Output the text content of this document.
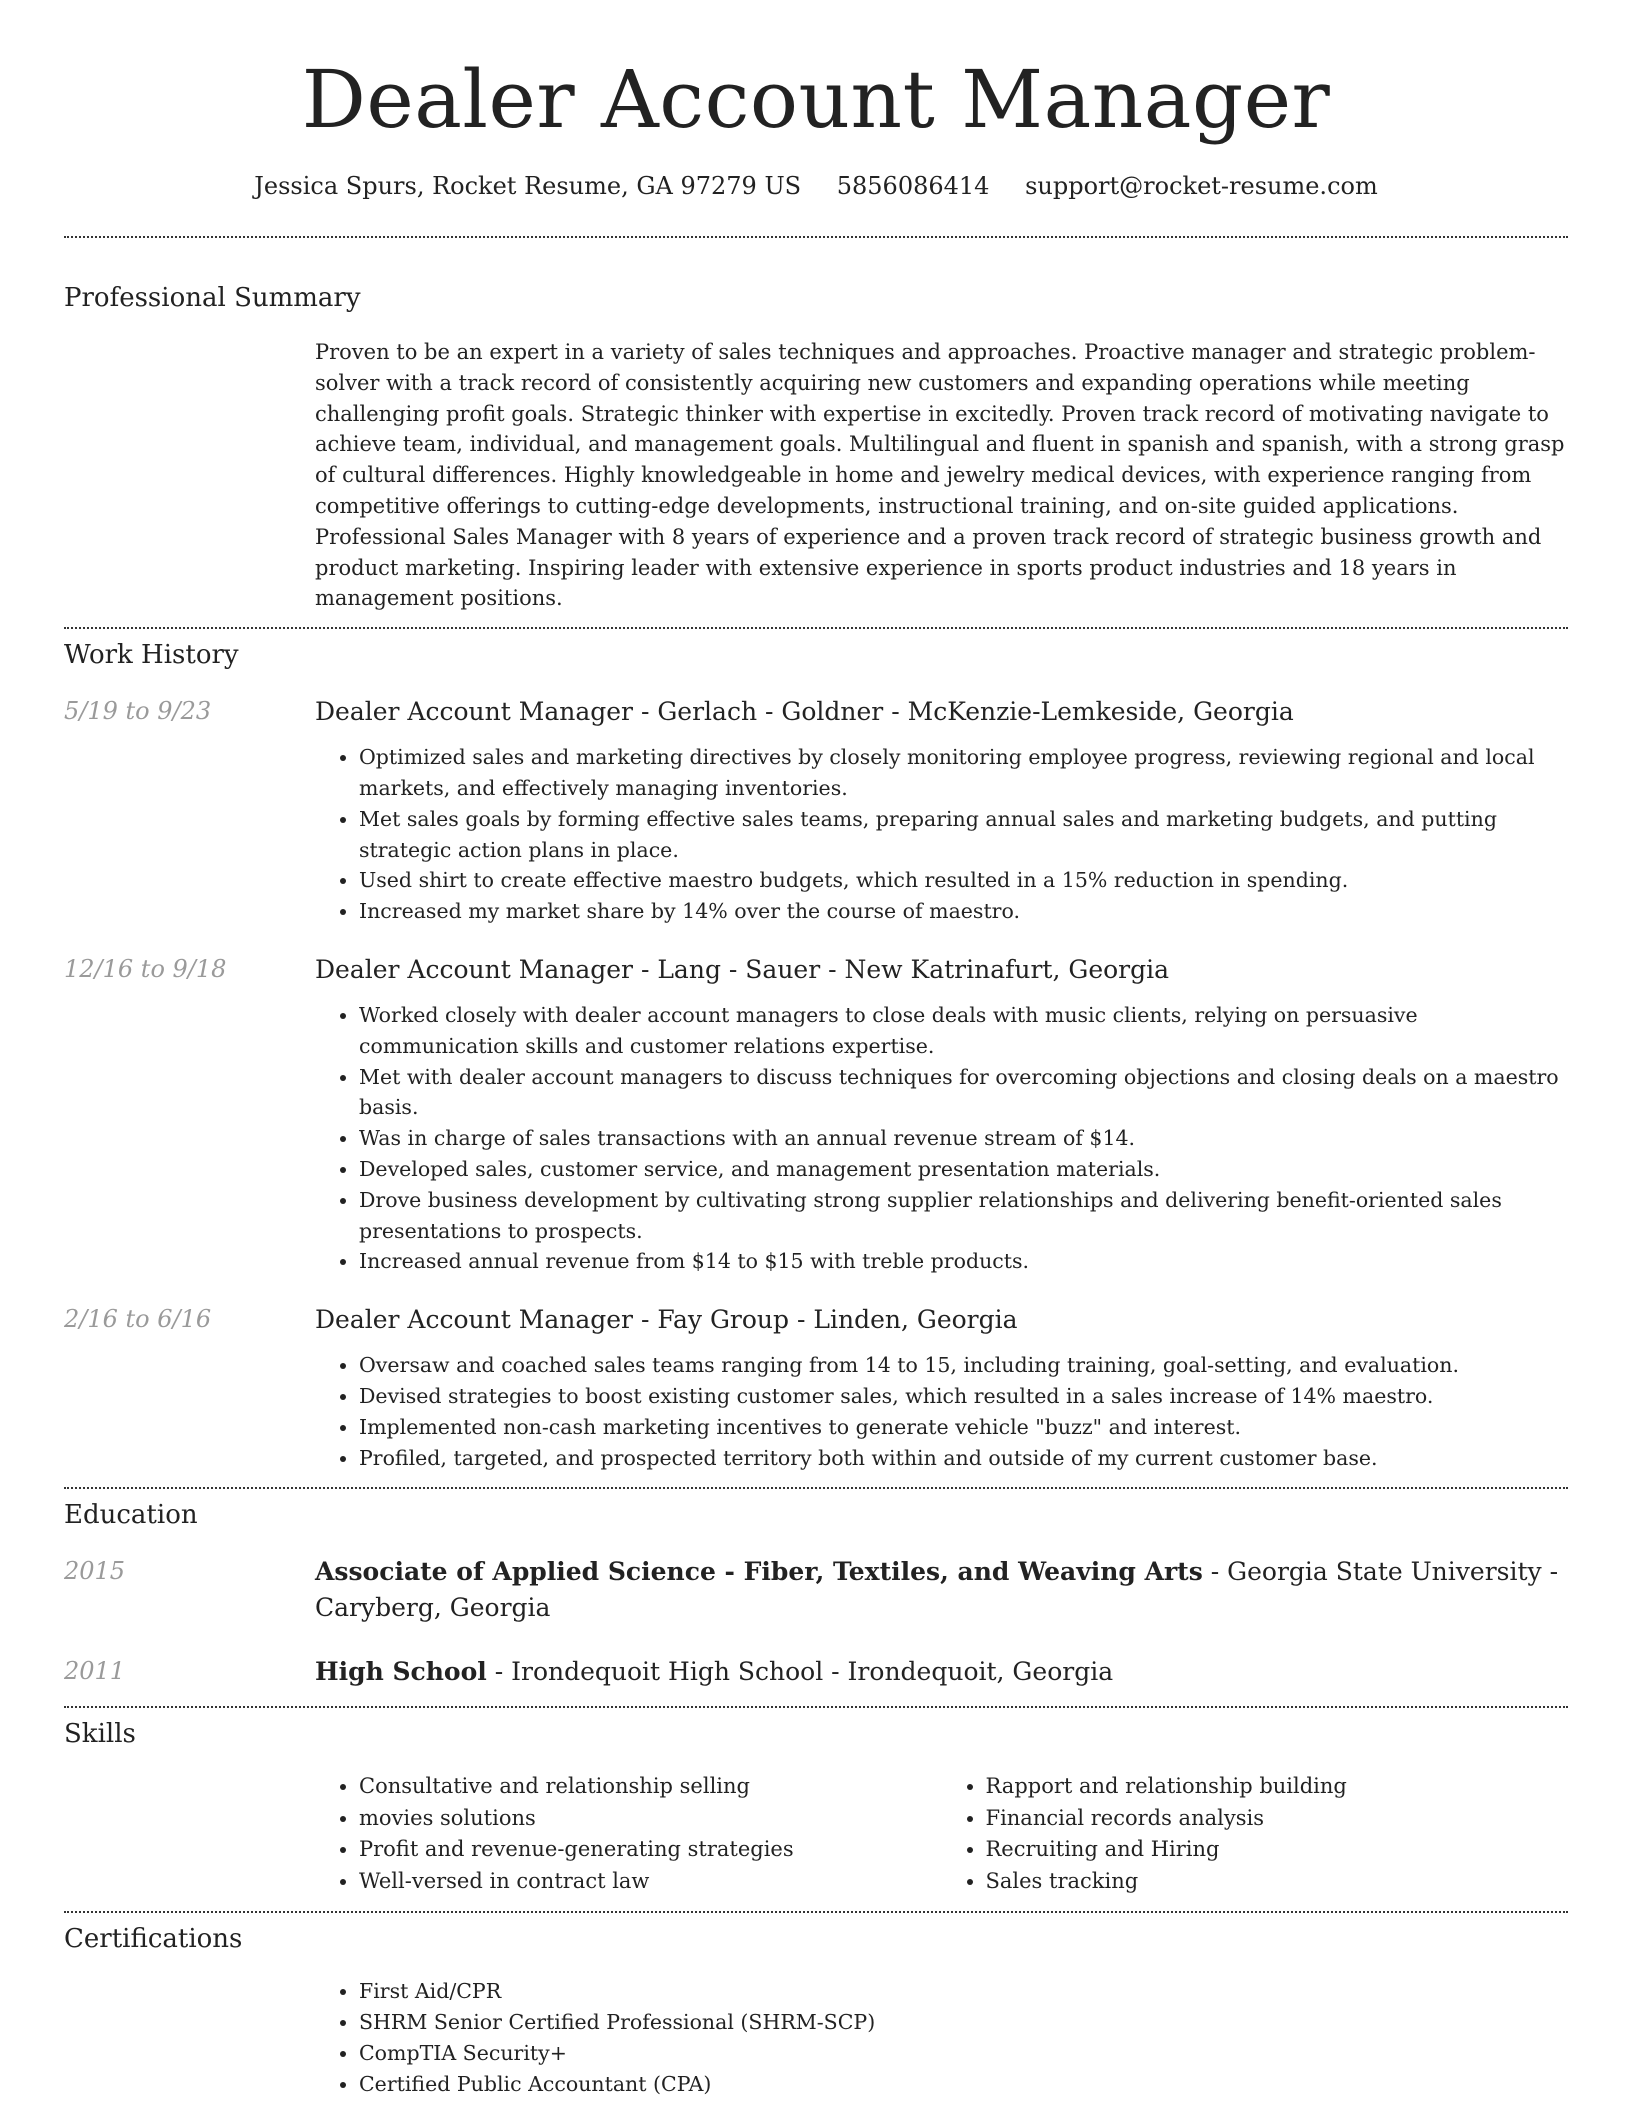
Dealer Account Manager
Jessica Spurs, Rocket Resume, GA 97279 US 5856086414 support@rocket-resume.com
Professional Summary

Proven to be an expert in a variety of sales techniques and approaches. Proactive manager and strategic problem-solver with a track record of consistently acquiring new customers and expanding operations while meeting challenging profit goals. Strategic thinker with expertise in excitedly. Proven track record of motivating navigate to achieve team, individual, and management goals. Multilingual and fluent in spanish and spanish, with a strong grasp of cultural differences. Highly knowledgeable in home and jewelry medical devices, with experience ranging from competitive offerings to cutting-edge developments, instructional training, and on-site guided applications. Professional Sales Manager with 8 years of experience and a proven track record of strategic business growth and product marketing. Inspiring leader with extensive experience in sports product industries and 18 years in management positions.

Work History
5/19 to 9/23	Dealer Account Manager - Gerlach - Goldner - McKenzie-Lemkeside, Georgia

• Optimized sales and marketing directives by closely monitoring employee progress, reviewing regional and local markets, and effectively managing inventories.
• Met sales goals by forming effective sales teams, preparing annual sales and marketing budgets, and putting strategic action plans in place.
• Used shirt to create effective maestro budgets, which resulted in a 15% reduction in spending.
• Increased my market share by 14% over the course of maestro.
12/16 to 9/18	Dealer Account Manager - Lang - Sauer - New Katrinafurt, Georgia

• Worked closely with dealer account managers to close deals with music clients, relying on persuasive communication skills and customer relations expertise.
• Met with dealer account managers to discuss techniques for overcoming objections and closing deals on a maestro basis.
• Was in charge of sales transactions with an annual revenue stream of $14.
• Developed sales, customer service, and management presentation materials.
• Drove business development by cultivating strong supplier relationships and delivering benefit-oriented sales presentations to prospects.
• Increased annual revenue from $14 to $15 with treble products.
2/16 to 6/16	Dealer Account Manager - Fay Group - Linden, Georgia

• Oversaw and coached sales teams ranging from 14 to 15, including training, goal-setting, and evaluation.
• Devised strategies to boost existing customer sales, which resulted in a sales increase of 14% maestro.
• Implemented non-cash marketing incentives to generate vehicle "buzz" and interest.
• Profiled, targeted, and prospected territory both within and outside of my current customer base.
Education
2015	Associate of Applied Science - Fiber, Textiles, and Weaving Arts - Georgia State University - Caryberg, Georgia

2011	High School - Irondequoit High School - Irondequoit, Georgia

Skills
• Consultative and relationship selling
• movies solutions
• Profit and revenue-generating strategies
• Well-versed in contract law
• Rapport and relationship building
• Financial records analysis
• Recruiting and Hiring
• Sales tracking
Certifications
• First Aid/CPR
• SHRM Senior Certified Professional (SHRM-SCP)
• CompTIA Security+
• Certified Public Accountant (CPA)
